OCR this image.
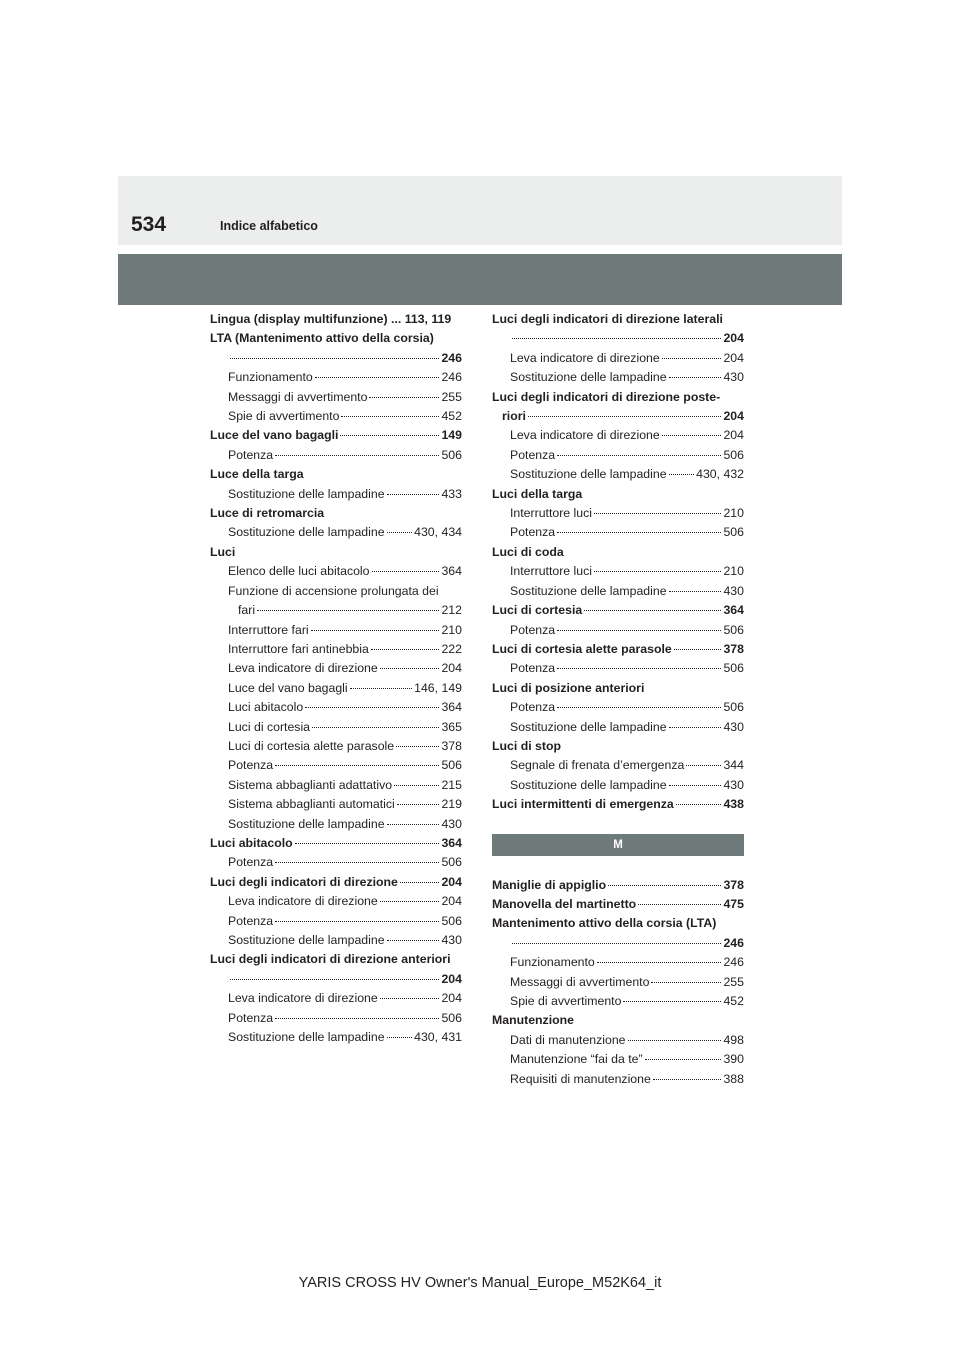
534	Indice alfabetico
Lingua (display multifunzione) ... 113, 119
LTA (Mantenimento attivo della corsia)
246
Funzionamento	246
Messaggi di avvertimento	255
Spie di avvertimento	452
Luce del vano bagagli	149
Potenza	506
Luce della targa
Sostituzione delle lampadine	433
Luce di retromarcia
Sostituzione delle lampadine 430, 434
Luci
Elenco delle luci abitacolo	364
Funzione di accensione prolungata dei
fari	212
Interruttore fari	210
Interruttore fari antinebbia	222
Leva indicatore di direzione	204
Luce del vano bagagli	146, 149
Luci abitacolo	364
Luci di cortesia	365
Luci di cortesia alette parasole	378
Potenza	506
Sistema abbaglianti adattativo	215
Sistema abbaglianti automatici	219
Sostituzione delle lampadine	430
Luci abitacolo	364
Potenza	506
Luci degli indicatori di direzione	204
Leva indicatore di direzione	204
Potenza	506
Sostituzione delle lampadine	430
Luci degli indicatori di direzione anteriori
204
Leva indicatore di direzione	204
Potenza	506
Sostituzione delle lampadine 430, 431
Luci degli indicatori di direzione laterali
204
Leva indicatore di direzione	204
Sostituzione delle lampadine	430
Luci degli indicatori di direzione poste-
riori	204
Leva indicatore di direzione	204
Potenza	506
Sostituzione delle lampadine 430, 432
Luci della targa
Interruttore luci	210
Potenza	506
Luci di coda
Interruttore luci	210
Sostituzione delle lampadine	430
Luci di cortesia	364
Potenza	506
Luci di cortesia alette parasole	378
Potenza	506
Luci di posizione anteriori
Potenza	506
Sostituzione delle lampadine	430
Luci di stop
Segnale di frenata d’emergenza	344
Sostituzione delle lampadine	430
Luci intermittenti di emergenza	438
M
Maniglie di appiglio	378
Manovella del martinetto	475
Mantenimento attivo della corsia (LTA)
246
Funzionamento	246
Messaggi di avvertimento	255
Spie di avvertimento	452
Manutenzione
Dati di manutenzione	498
Manutenzione “fai da te”	390
Requisiti di manutenzione	388
YARIS CROSS HV Owner's Manual_Europe_M52K64_it
